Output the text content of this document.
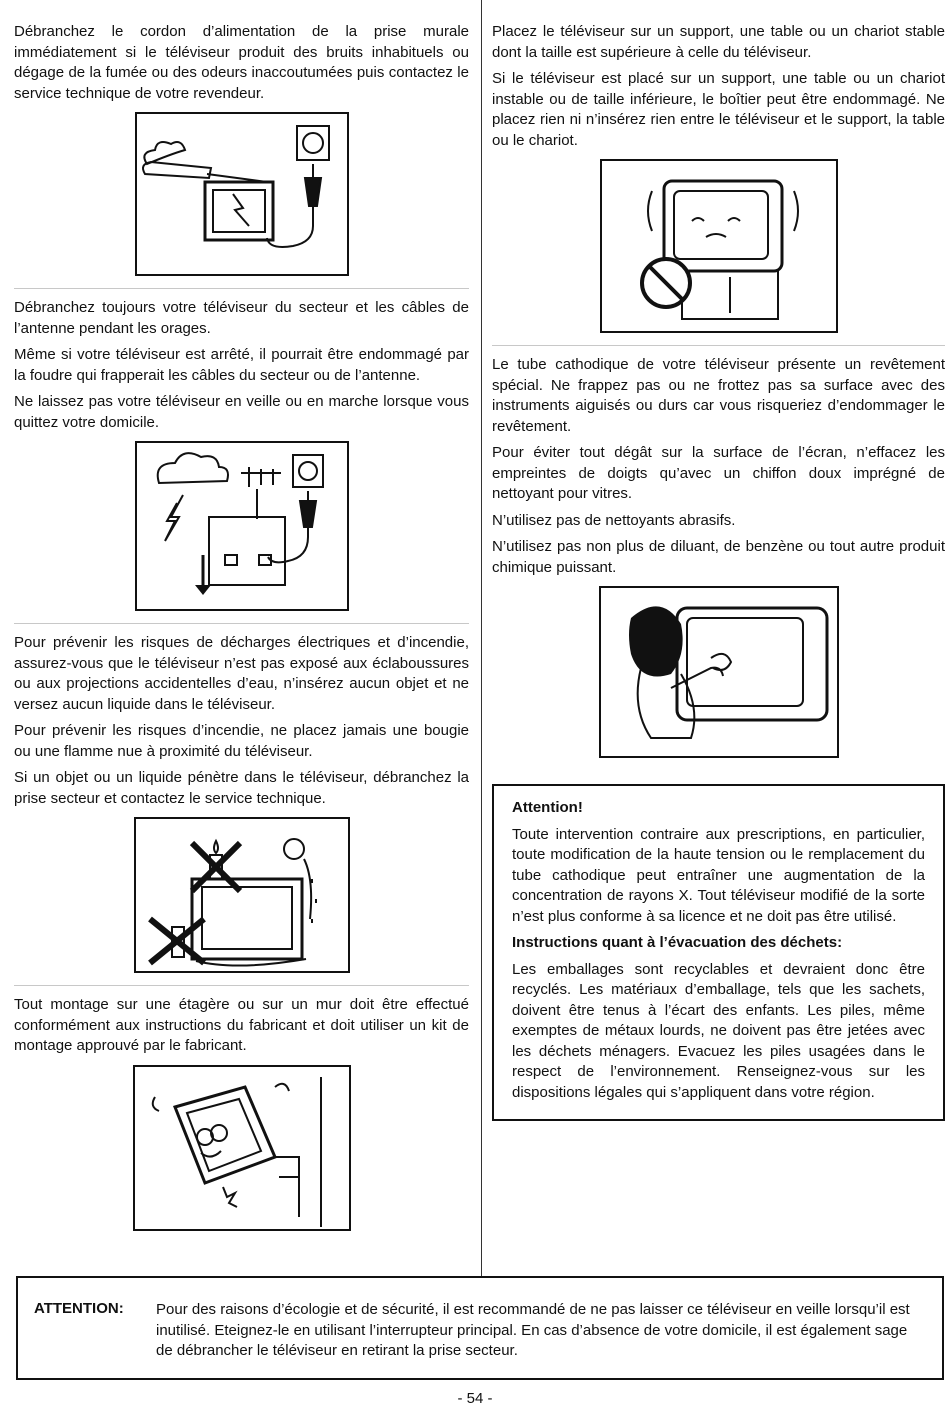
Débranchez le cordon d’alimentation de la prise murale immédiatement si le téléviseur produit des bruits inhabituels ou dégage de la fumée ou des odeurs inaccoutumées puis contactez le service technique de votre revendeur.

Débranchez toujours votre téléviseur du secteur et les câbles de l’antenne pendant les orages.

Même si votre téléviseur est arrêté, il pourrait être endommagé par la foudre qui frapperait les câbles du secteur ou de l’antenne.

Ne laissez pas votre téléviseur en veille ou en marche lorsque vous quittez votre domicile.

Pour prévenir les risques de décharges électriques et d’incendie, assurez-vous que le téléviseur n’est pas exposé aux éclaboussures ou aux projections accidentelles d’eau, n’insérez aucun objet et ne versez aucun liquide dans le téléviseur.

Pour prévenir les risques d’incendie, ne placez jamais une bougie ou une flamme nue à proximité du téléviseur.

Si un objet ou un liquide pénètre dans le téléviseur, débranchez la prise secteur et contactez le service technique.

Tout montage sur une étagère ou sur un mur doit être effectué conformément aux instructions du fabricant et doit utiliser un kit de montage approuvé par le fabricant.

Placez le téléviseur sur un support, une table ou un chariot stable dont la taille est supérieure à celle du téléviseur.

Si le téléviseur est placé sur un support, une table ou un chariot instable ou de taille inférieure, le boîtier peut être endommagé. Ne placez rien ni n’insérez rien entre le téléviseur et le support, la table ou le chariot.

Le tube cathodique de votre téléviseur présente un revêtement spécial. Ne frappez pas ou ne frottez pas sa surface avec des instruments aiguisés ou durs car vous risqueriez d’endommager le revêtement.

Pour éviter tout dégât sur la surface de l’écran, n’effacez les empreintes de doigts qu’avec un chiffon doux imprégné de nettoyant pour vitres.

N’utilisez pas de nettoyants abrasifs.

N’utilisez pas non plus de diluant, de benzène ou tout autre produit chimique puissant.

Attention!

Toute intervention contraire aux prescriptions, en particulier, toute modification de la haute tension ou le remplacement du tube cathodique peut entraîner une augmentation de la concentration de rayons X. Tout téléviseur modifié de la sorte n’est plus conforme à sa licence et ne doit pas être utilisé.

Instructions quant à l’évacuation des déchets:

Les emballages sont recyclables et devraient donc être recyclés. Les matériaux d’emballage, tels que les sachets, doivent être tenus à l’écart des enfants. Les piles, même exemptes de métaux lourds, ne doivent pas être jetées avec les déchets ménagers. Evacuez les piles usagées dans le respect de l’environnement. Renseignez-vous sur les dispositions légales qui s’appliquent dans votre région.

ATTENTION: Pour des raisons d’écologie et de sécurité, il est recommandé de ne pas laisser ce téléviseur en veille lorsqu’il est inutilisé. Eteignez-le en utilisant l’interrupteur principal. En cas d’absence de votre domicile, il est également sage de débrancher le téléviseur en retirant la prise secteur.
- 54 -
